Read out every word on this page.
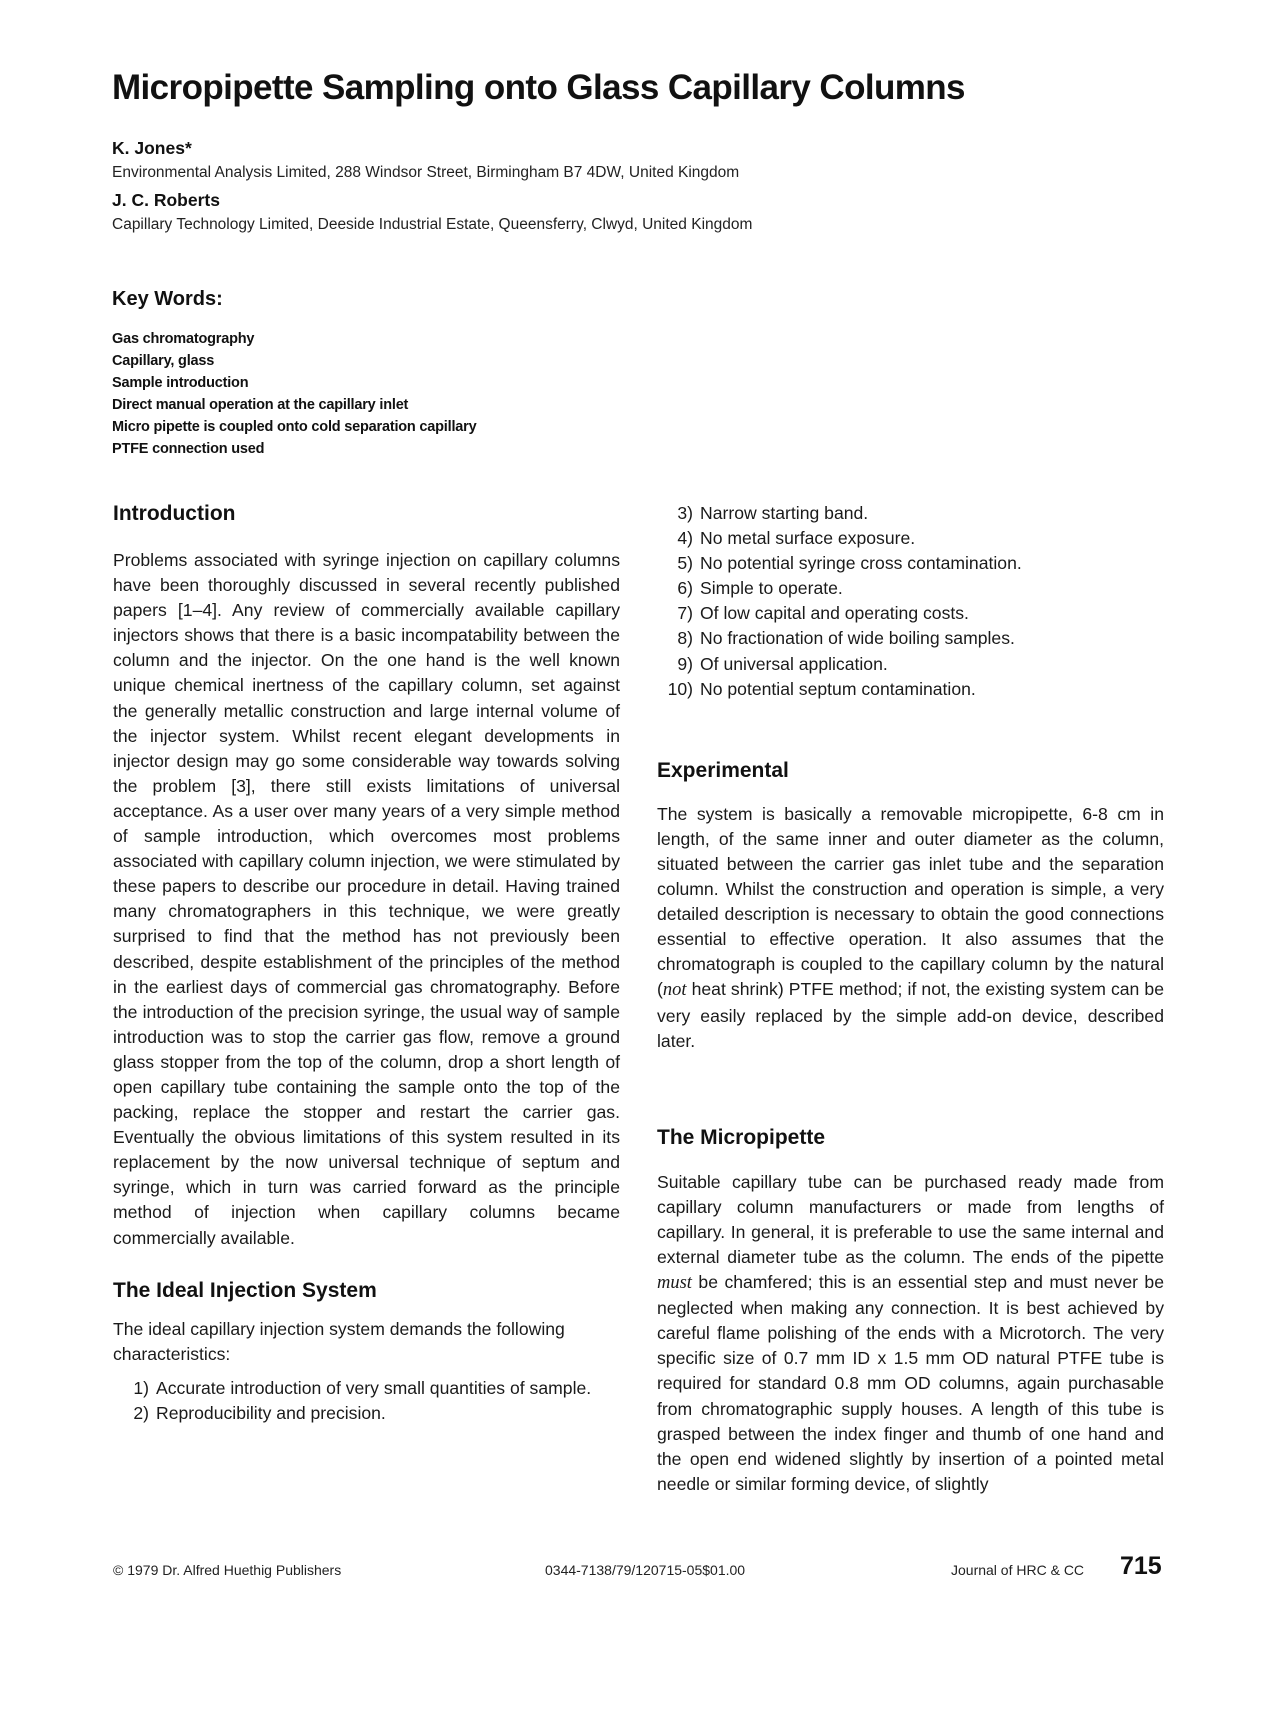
Micropipette Sampling onto Glass Capillary Columns
K. Jones*
Environmental Analysis Limited, 288 Windsor Street, Birmingham B7 4DW, United Kingdom
J. C. Roberts
Capillary Technology Limited, Deeside Industrial Estate, Queensferry, Clwyd, United Kingdom
Key Words:
Gas chromatography
Capillary, glass
Sample introduction
Direct manual operation at the capillary inlet
Micro pipette is coupled onto cold separation capillary
PTFE connection used
Introduction

Problems associated with syringe injection on capillary columns have been thoroughly discussed in several recently published papers [1–4]. Any review of commercially available capillary injectors shows that there is a basic incompatability between the column and the injector. On the one hand is the well known unique chemical inertness of the capillary column, set against the generally metallic construction and large internal volume of the injector system. Whilst recent elegant developments in injector design may go some considerable way towards solving the problem [3], there still exists limitations of universal acceptance. As a user over many years of a very simple method of sample introduction, which overcomes most problems associated with capillary column injection, we were stimulated by these papers to describe our procedure in detail. Having trained many chromatographers in this technique, we were greatly surprised to find that the method has not previously been described, despite establishment of the principles of the method in the earliest days of commercial gas chromatography. Before the introduction of the precision syringe, the usual way of sample introduction was to stop the carrier gas flow, remove a ground glass stopper from the top of the column, drop a short length of open capillary tube containing the sample onto the top of the packing, replace the stopper and restart the carrier gas. Eventually the obvious limitations of this system resulted in its replacement by the now universal technique of septum and syringe, which in turn was carried forward as the principle method of injection when capillary columns became commercially available.

The Ideal Injection System

The ideal capillary injection system demands the following characteristics:

1) Accurate introduction of very small quantities of sample.
2) Reproducibility and precision.
3) Narrow starting band.
4) No metal surface exposure.
5) No potential syringe cross contamination.
6) Simple to operate.
7) Of low capital and operating costs.
8) No fractionation of wide boiling samples.
9) Of universal application.
10) No potential septum contamination.
Experimental

The system is basically a removable micropipette, 6-8 cm in length, of the same inner and outer diameter as the column, situated between the carrier gas inlet tube and the separation column. Whilst the construction and operation is simple, a very detailed description is necessary to obtain the good connections essential to effective operation. It also assumes that the chromatograph is coupled to the capillary column by the natural (not heat shrink) PTFE method; if not, the existing system can be very easily replaced by the simple add-on device, described later.

The Micropipette

Suitable capillary tube can be purchased ready made from capillary column manufacturers or made from lengths of capillary. In general, it is preferable to use the same internal and external diameter tube as the column. The ends of the pipette must be chamfered; this is an essential step and must never be neglected when making any connection. It is best achieved by careful flame polishing of the ends with a Microtorch. The very specific size of 0.7 mm ID x 1.5 mm OD natural PTFE tube is required for standard 0.8 mm OD columns, again purchasable from chromatographic supply houses. A length of this tube is grasped between the index finger and thumb of one hand and the open end widened slightly by insertion of a pointed metal needle or similar forming device, of slightly

© 1979 Dr. Alfred Huethig Publishers	0344-7138/79/120715-05$01.00	Journal of HRC & CC 715
